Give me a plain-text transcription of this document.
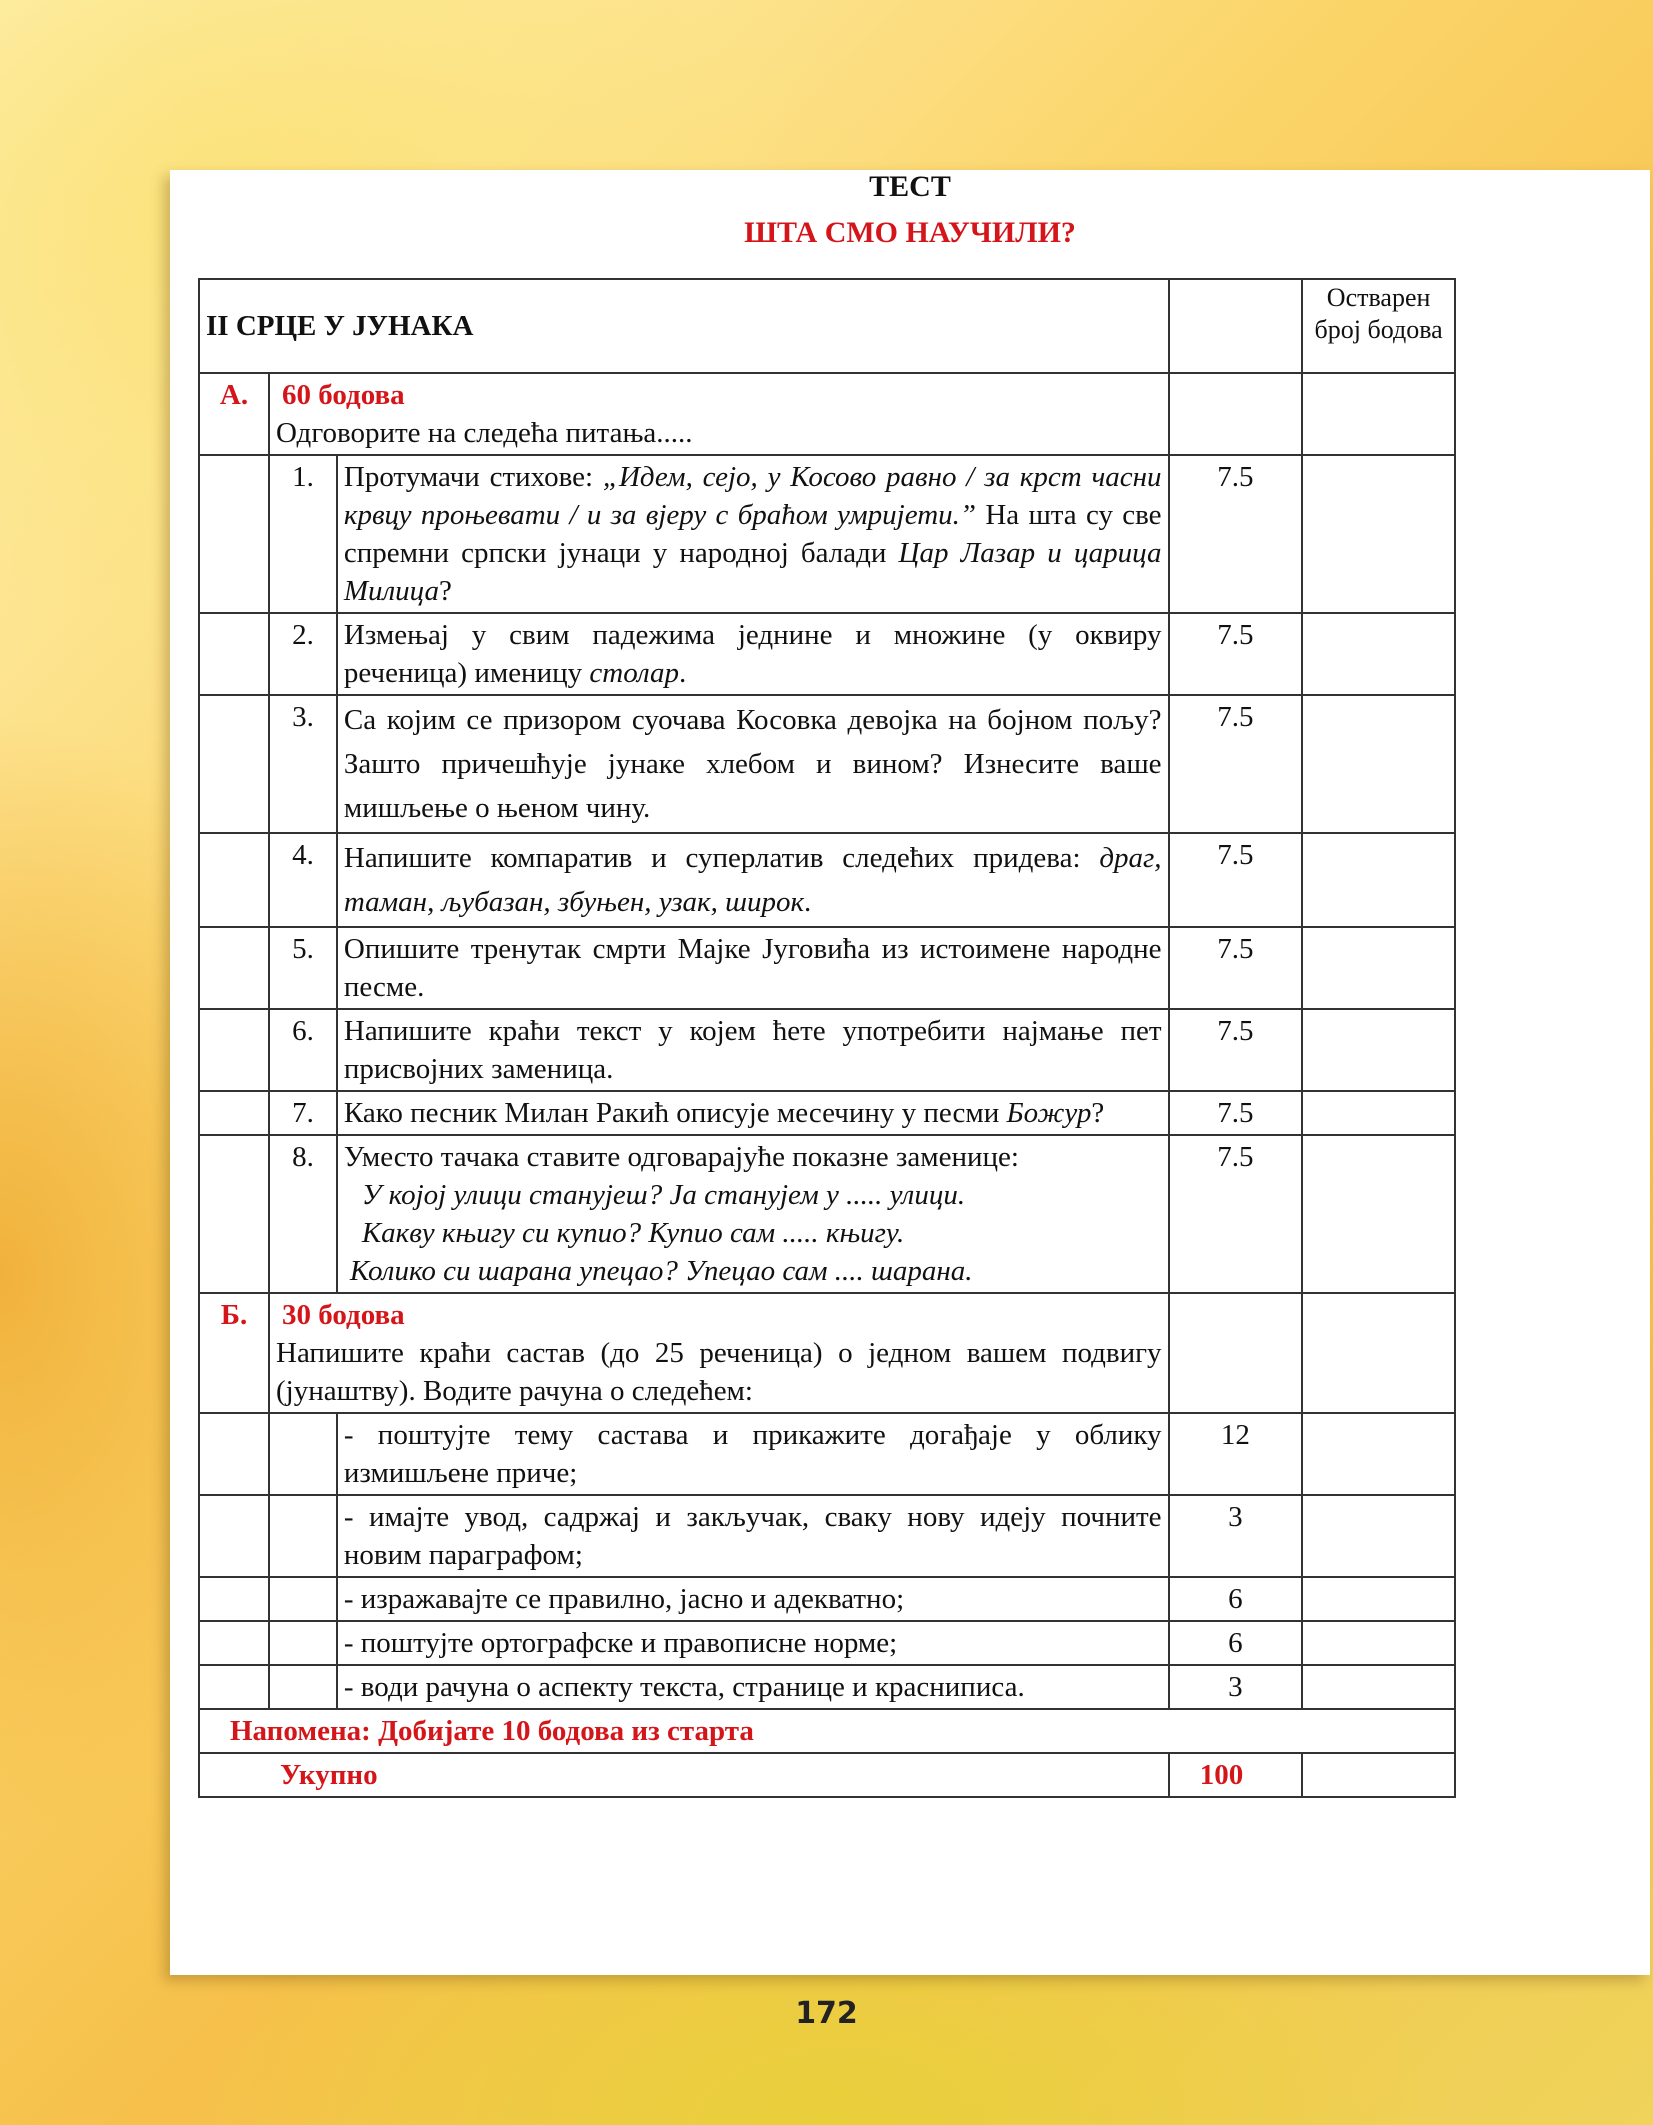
ТЕСТ
ШТА СМО НАУЧИЛИ?
II СРЦЕ У ЈУНАКА				Остварен број бодова
А.	60 бодова
Одговорите на следећа питања.....			
	1.	Протумачи стихове: „Идем, сејо, у Косово равно / за крст часни крвцу проњевати / и за вјеру с браћом умријети.” На шта су све спремни српски јунаци у народној балади Цар Лазар и царица Милица?	7.5	
	2.	Измењај у свим падежима једнине и множине (у оквиру реченица) именицу столар.	7.5	
	3.	Са којим се призором суочава Косовка девојка на бојном пољу? Зашто причешћује јунаке хлебом и вином? Изнесите ваше мишљење о њеном чину.	7.5	
	4.	Напишите компаратив и суперлатив следећих придева: драг, таман, љубазан, збуњен, узак, широк.	7.5	
	5.	Опишите тренутак смрти Мајке Југовића из истоимене народне песме.	7.5	
	6.	Напишите краћи текст у којем ћете употребити најмање пет присвојних заменица.	7.5	
	7.	Како песник Милан Ракић описује месечину у песми Божур?	7.5	
	8.	Уместо тачака ставите одговарајуће показне заменице:
У којој улици станујеш? Ја станујем у ..... улици.
Какву књигу си купио? Купио сам ..... књигу.
Колико си шарана упецао? Упецао сам .... шарана.	7.5	
Б.	30 бодова
Напишите краћи састав (до 25 реченица) о једном вашем подвигу (јунаштву). Водите рачуна о следећем:			
		- поштујте тему састава и прикажите догађаје у облику измишљене приче;	12	
		- имајте увод, садржај и закључак, сваку нову идеју почните новим параграфом;	3	
		- изражавајте се правилно, јасно и адекватно;	6	
		- поштујте ортографске и правописне норме;	6	
		- води рачуна о аспекту текста, странице и красниписа.	3	
Напомена: Добијате 10 бодова из старта				
Укупно			100	
172
